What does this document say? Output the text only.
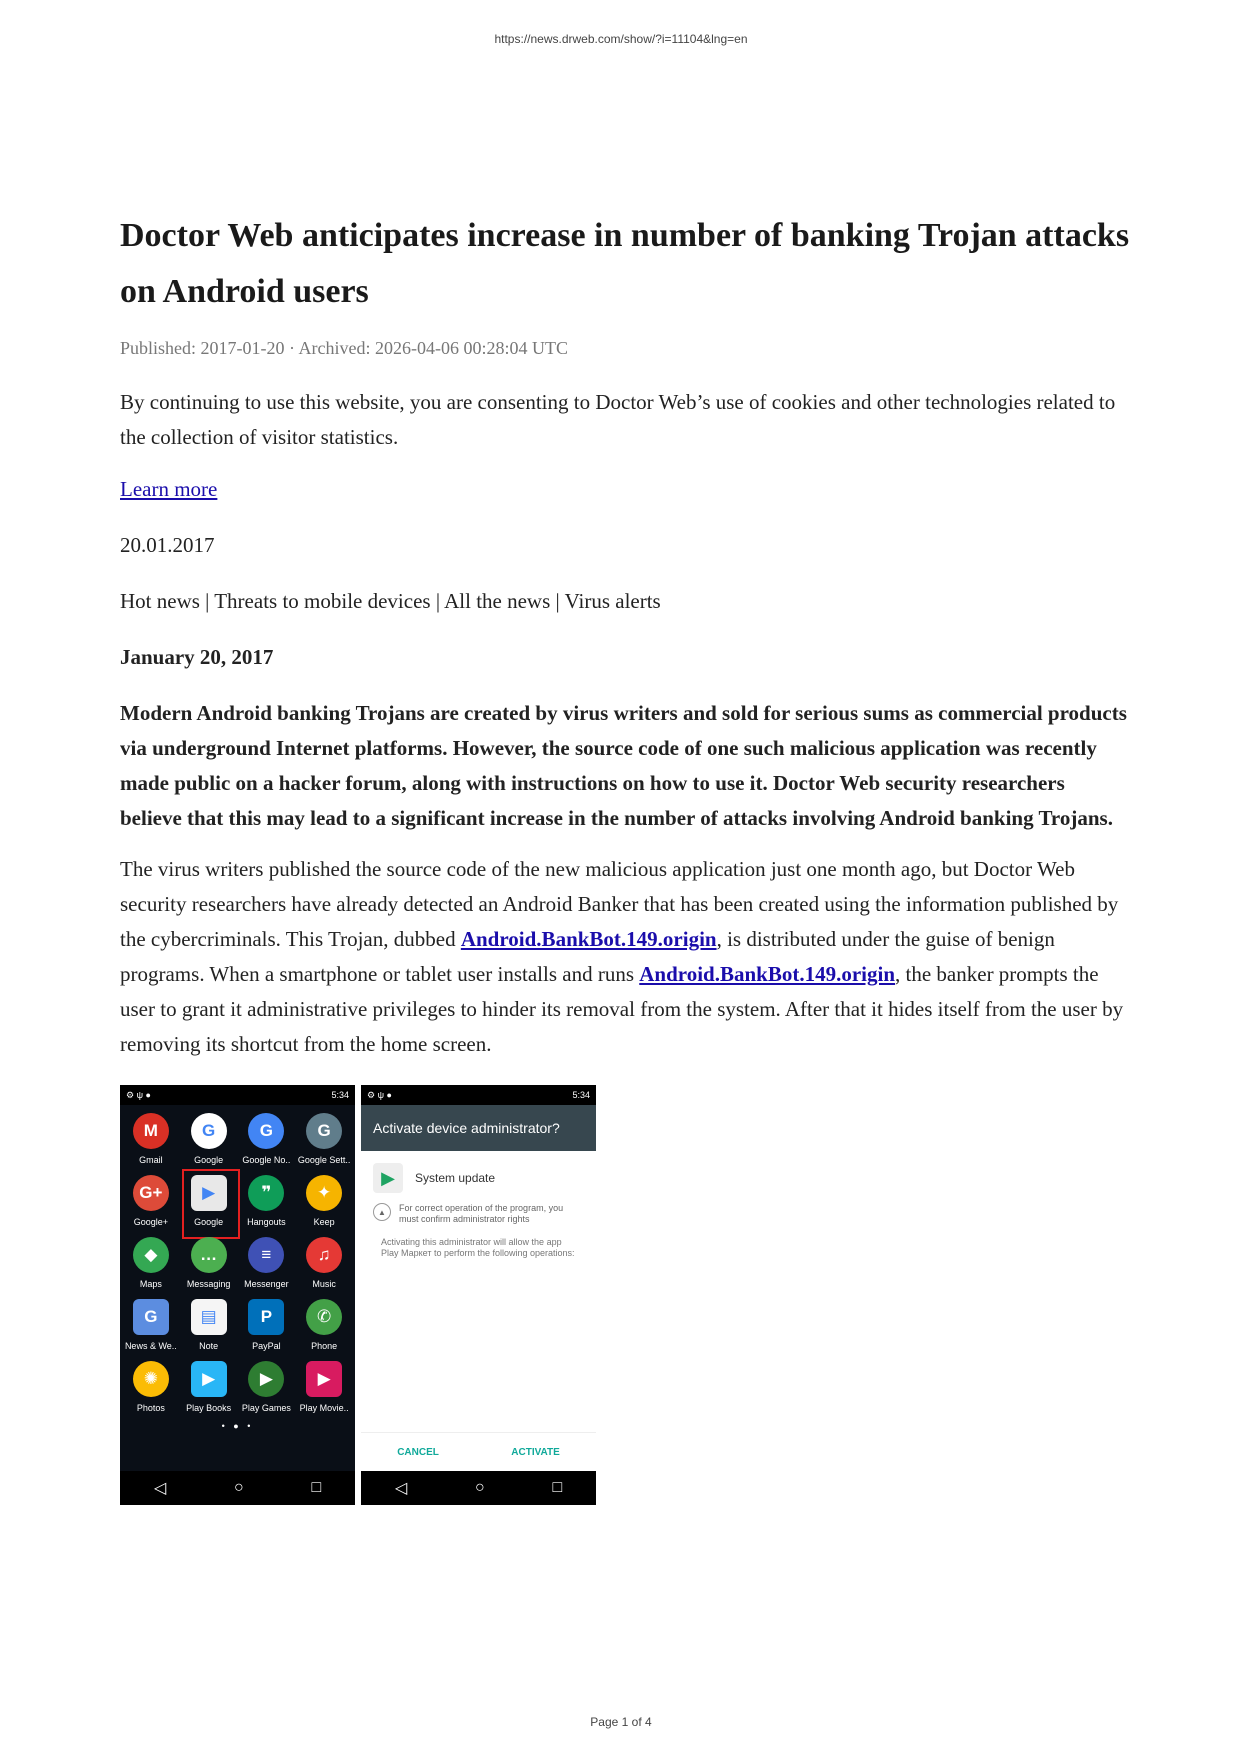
https://news.drweb.com/show/?i=11104&lng=en
Doctor Web anticipates increase in number of banking Trojan attacks on Android users
Published: 2017-01-20 · Archived: 2026-04-06 00:28:04 UTC

By continuing to use this website, you are consenting to Doctor Web’s use of cookies and other technologies related to the collection of visitor statistics.

Learn more

20.01.2017

Hot news | Threats to mobile devices | All the news | Virus alerts

January 20, 2017

Modern Android banking Trojans are created by virus writers and sold for serious sums as commercial products via underground Internet platforms. However, the source code of one such malicious application was recently made public on a hacker forum, along with instructions on how to use it. Doctor Web security researchers believe that this may lead to a significant increase in the number of attacks involving Android banking Trojans.

The virus writers published the source code of the new malicious application just one month ago, but Doctor Web security researchers have already detected an Android Banker that has been created using the information published by the cybercriminals. This Trojan, dubbed Android.BankBot.149.origin, is distributed under the guise of benign programs. When a smartphone or tablet user installs and runs Android.BankBot.149.origin, the banker prompts the user to grant it administrative privileges to hinder its removal from the system. After that it hides itself from the user by removing its shortcut from the home screen.

⚙ ψ ●	5:34
M
Gmail
G
Google
G
Google No..
G
Google Sett..
G+
Google+
▶
Google
❞
Hangouts
✦
Keep
◆
Maps
…
Messaging
≡
Messenger
♫
Music
G
News & We..
▤
Note
P
PayPal
✆
Phone
✺
Photos
▶
Play Books
▶
Play Games
▶
Play Movie..
• ● •
◁	○	□
⚙ ψ ●	5:34
Activate device administrator?
▶	System update
▲	For correct operation of the program, you must confirm administrator rights
Activating this administrator will allow the app Play Маркет to perform the following operations:
CANCEL	ACTIVATE
◁	○	□
Page 1 of 4
